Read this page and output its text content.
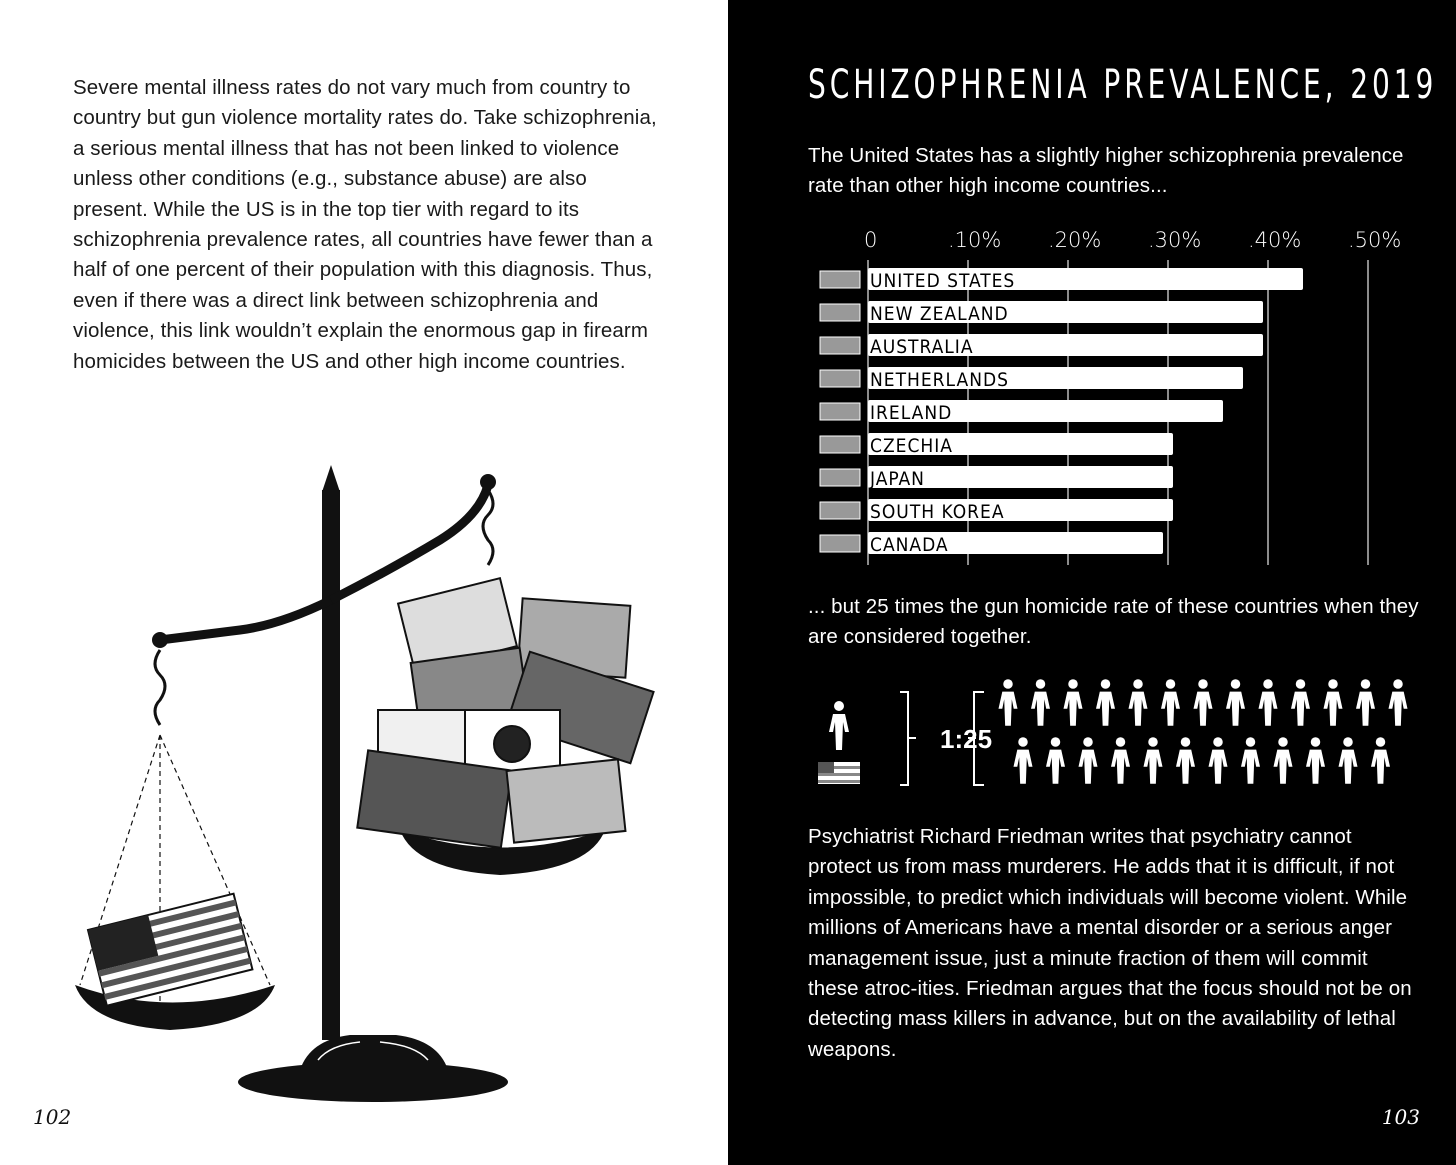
Severe mental illness rates do not vary much from country to country but gun violence mortality rates do. Take schizophrenia, a serious mental illness that has not been linked to violence unless other conditions (e.g., substance abuse) are also present. While the US is in the top tier with regard to its schizophrenia prevalence rates, all countries have fewer than a half of one percent of their population with this diagnosis. Thus, even if there was a direct link between schizophrenia and violence, this link wouldn’t explain the enormous gap in firearm homicides between the US and other high income countries.

102
SCHIZOPHRENIA PREVALENCE, 2019

The United States has a slightly higher schizophrenia prevalence rate than other high income countries...

0	.10% .20% .30% .40% .50%
UNITED STATES
NEW ZEALAND
AUSTRALIA
NETHERLANDS
IRELAND
CZECHIA
JAPAN
SOUTH KOREA
CANADA

... but 25 times the gun homicide rate of these countries when they are considered together.

1:25

Psychiatrist Richard Friedman writes that psychiatry cannot protect us from mass murderers. He adds that it is difficult, if not impossible, to predict which individuals will become violent. While millions of Americans have a mental disorder or a serious anger management issue, just a minute fraction of them will commit these atroc-ities. Friedman argues that the focus should not be on detecting mass killers in advance, but on the availability of lethal weapons.

103
